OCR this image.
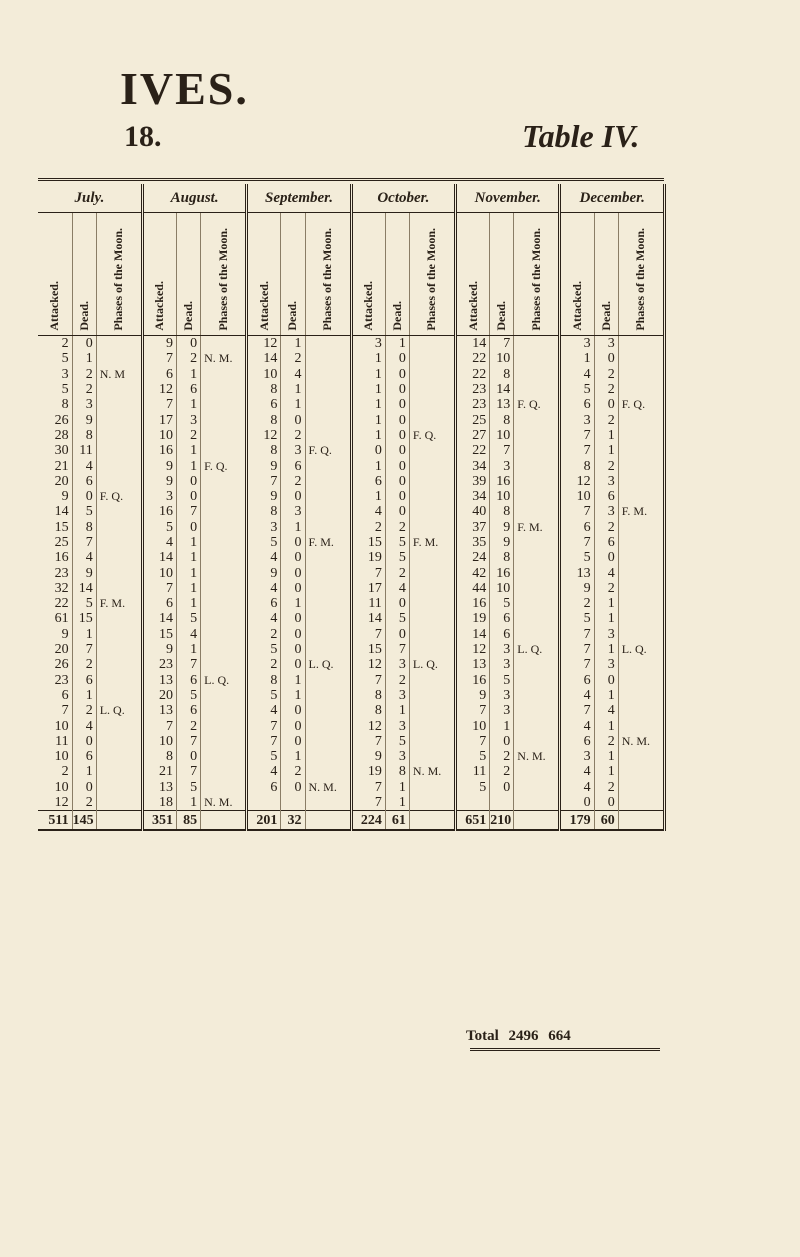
IVES.
18.	Table IV.
July.			August.			September.			October.			November.			December.		
Attacked.	Dead.	Phases of the Moon.	Attacked.	Dead.	Phases of the Moon.	Attacked.	Dead.	Phases of the Moon.	Attacked.	Dead.	Phases of the Moon.	Attacked.	Dead.	Phases of the Moon.	Attacked.	Dead.	Phases of the Moon.
2	0		9	0		12	1		3	1		14	7		3	3	
5	1		7	2	N. M.	14	2		1	0		22	10		1	0	
3	2	N. M	6	1		10	4		1	0		22	8		4	2	
5	2		12	6		8	1		1	0		23	14		5	2	
8	3		7	1		6	1		1	0		23	13	F. Q.	6	0	F. Q.
26	9		17	3		8	0		1	0		25	8		3	2	
28	8		10	2		12	2		1	0	F. Q.	27	10		7	1	
30	11		16	1		8	3	F. Q.	0	0		22	7		7	1	
21	4		9	1	F. Q.	9	6		1	0		34	3		8	2	
20	6		9	0		7	2		6	0		39	16		12	3	
9	0	F. Q.	3	0		9	0		1	0		34	10		10	6	
14	5		16	7		8	3		4	0		40	8		7	3	F. M.
15	8		5	0		3	1		2	2		37	9	F. M.	6	2	
25	7		4	1		5	0	F. M.	15	5	F. M.	35	9		7	6	
16	4		14	1		4	0		19	5		24	8		5	0	
23	9		10	1		9	0		7	2		42	16		13	4	
32	14		7	1		4	0		17	4		44	10		9	2	
22	5	F. M.	6	1		6	1		11	0		16	5		2	1	
61	15		14	5		4	0		14	5		19	6		5	1	
9	1		15	4		2	0		7	0		14	6		7	3	
20	7		9	1		5	0		15	7		12	3	L. Q.	7	1	L. Q.
26	2		23	7		2	0	L. Q.	12	3	L. Q.	13	3		7	3	
23	6		13	6	L. Q.	8	1		7	2		16	5		6	0	
6	1		20	5		5	1		8	3		9	3		4	1	
7	2	L. Q.	13	6		4	0		8	1		7	3		7	4	
10	4		7	2		7	0		12	3		10	1		4	1	
11	0		10	7		7	0		7	5		7	0		6	2	N. M.
10	6		8	0		5	1		9	3		5	2	N. M.	3	1	
2	1		21	7		4	2		19	8	N. M.	11	2		4	1	
10	0		13	5		6	0	N. M.	7	1		5	0		4	2	
12	2		18	1	N. M.				7	1					0	0	
511	145		351	85		201	32		224	61		651	210		179	60	
Total 2496 664
